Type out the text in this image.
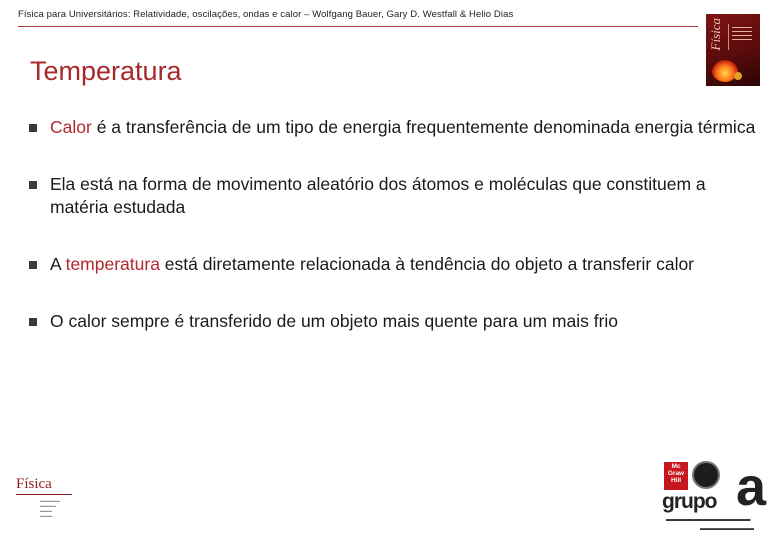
Física para Universitários: Relatividade, oscilações, ondas e calor – Wolfgang Bauer, Gary D. Westfall & Helio Dias
Física
Temperatura
Calor é a transferência de um tipo de energia frequentemente denominada energia térmica
Ela está na forma de movimento aleatório dos átomos e moléculas que constituem a matéria estudada
A temperatura está diretamente relacionada à tendência do objeto a transferir calor
O calor sempre é transferido de um objeto mais quente para um mais frio
Física
▬▬▬▬▬
▬▬▬▬
▬▬▬
▬▬▬
Mc Graw Hill
grupo a
▬▬▬▬▬▬▬▬▬▬▬▬▬
▬▬▬▬▬▬▬▬▬
